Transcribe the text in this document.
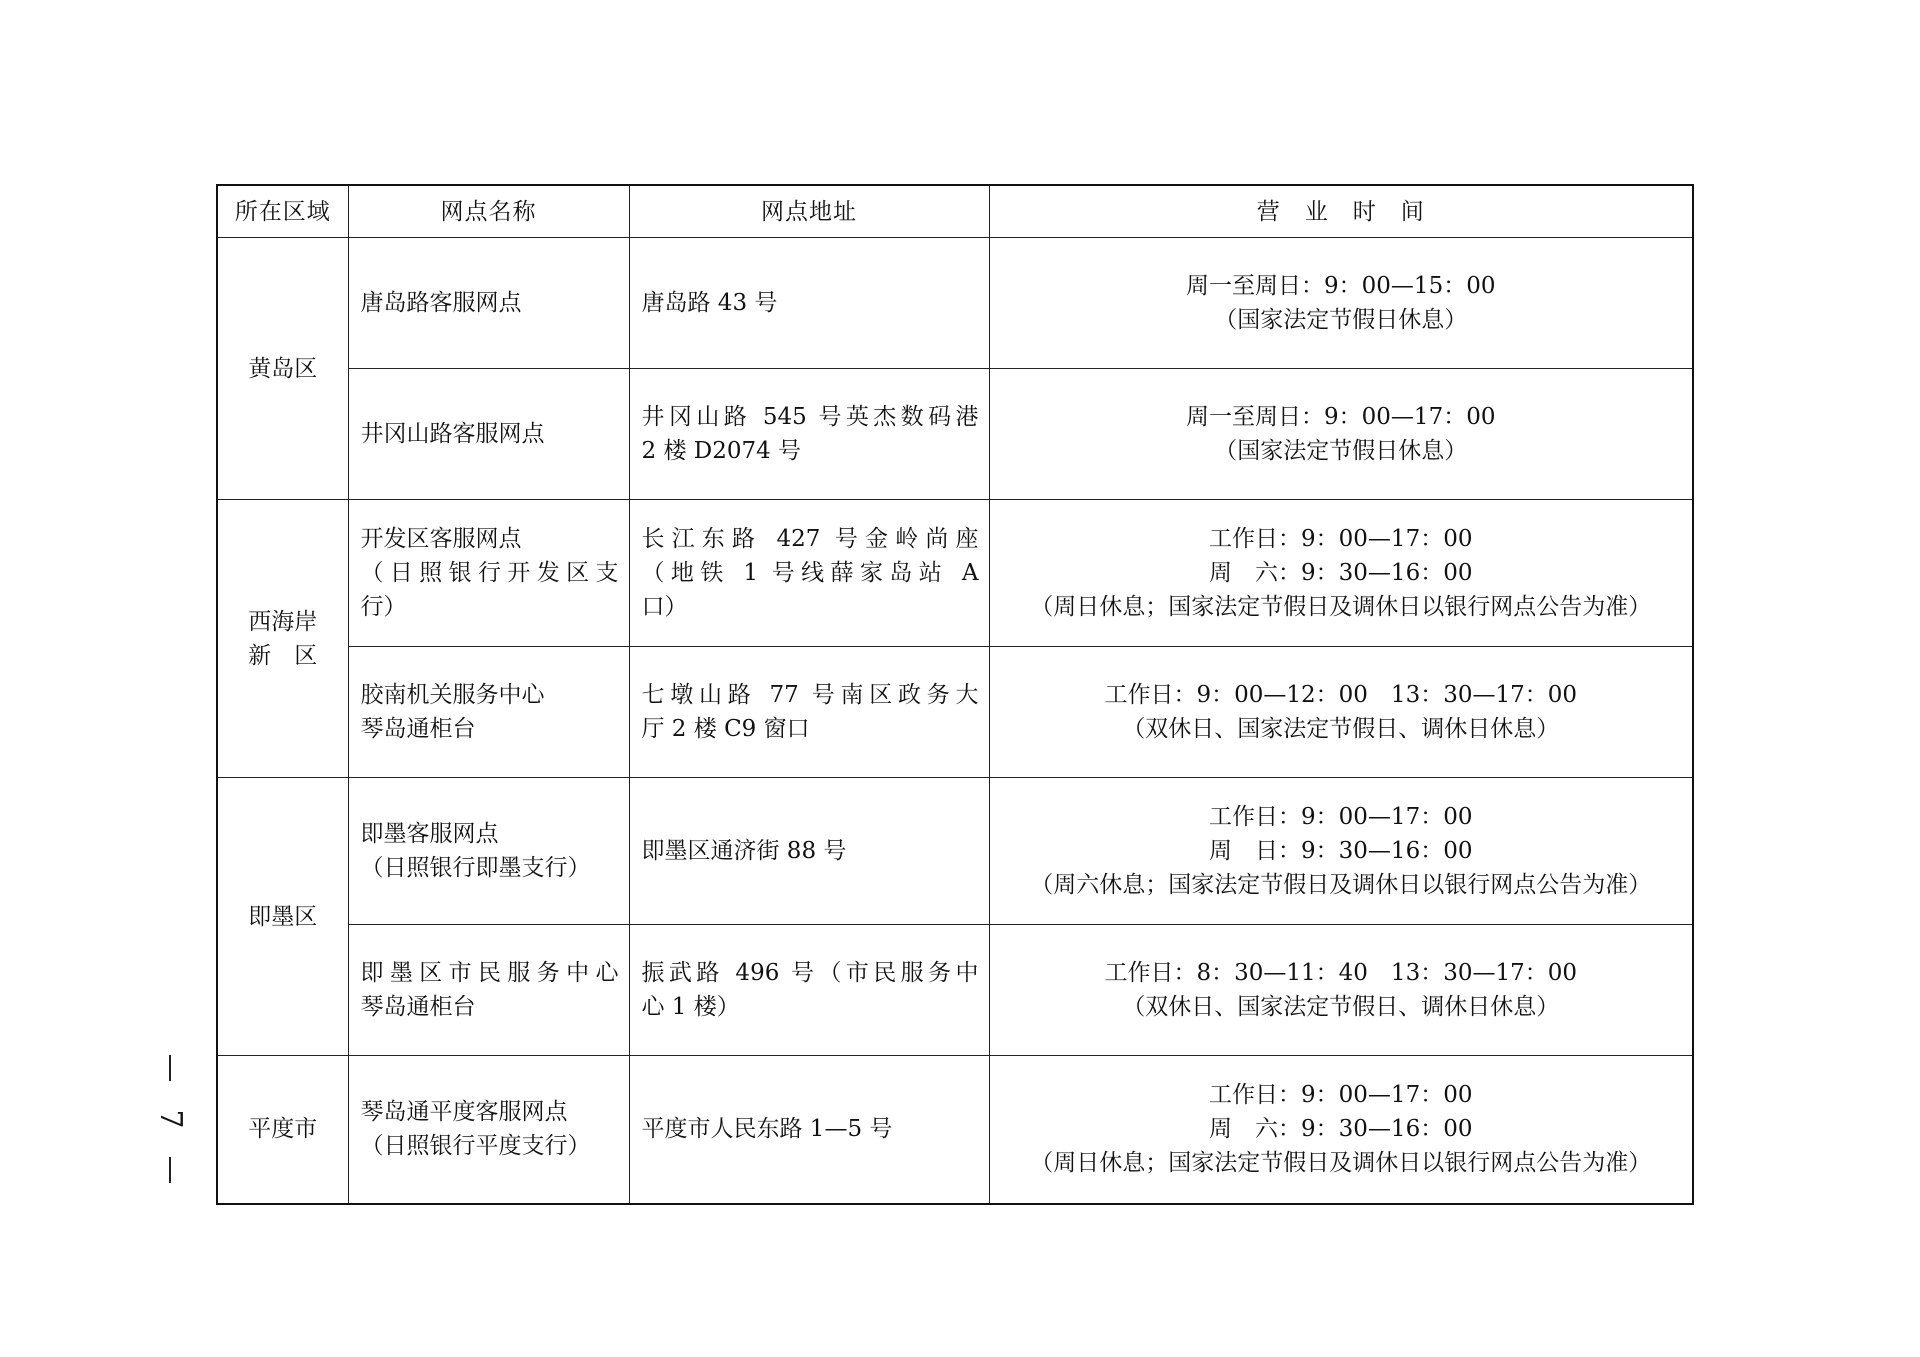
所在区域	网点名称	网点地址	营　业　时　间

黄岛区	唐岛路客服网点	唐岛路 43 号	周一至周日：9：00—15：00
（国家法定节假日休息）

	井冈山路客服网点	井冈山路 545 号英杰数码港
2 楼 D2074 号	周一至周日：9：00—17：00
（国家法定节假日休息）

西海岸
新　区	开发区客服网点
（日照银行开发区支
行）	长江东路 427 号金岭尚座
（地铁 1 号线薛家岛站 A
口）	工作日：9：00—17：00
周　六：9：30—16：00
（周日休息；国家法定节假日及调休日以银行网点公告为准）

	胶南机关服务中心
琴岛通柜台	七墩山路 77 号南区政务大
厅 2 楼 C9 窗口	工作日：9：00—12：00　13：30—17：00
（双休日、国家法定节假日、调休日休息）

即墨区	即墨客服网点
（日照银行即墨支行）	即墨区通济街 88 号	工作日：9：00—17：00
周　日：9：30—16：00
（周六休息；国家法定节假日及调休日以银行网点公告为准）

	即墨区市民服务中心
琴岛通柜台	振武路 496 号（市民服务中
心 1 楼）	工作日：8：30—11：40　13：30—17：00
（双休日、国家法定节假日、调休日休息）

平度市	琴岛通平度客服网点
（日照银行平度支行）	平度市人民东路 1—5 号	工作日：9：00—17：00
周　六：9：30—16：00
（周日休息；国家法定节假日及调休日以银行网点公告为准）
7
